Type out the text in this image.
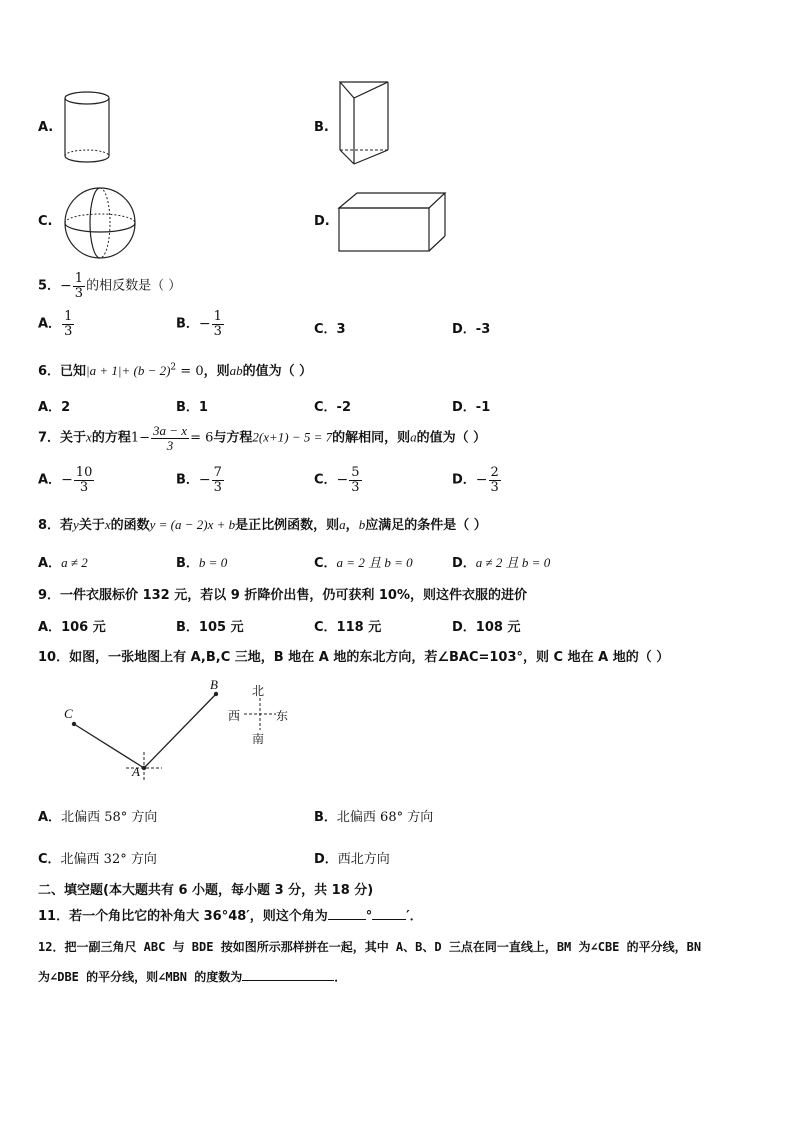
A.	B.
C.	D.
5．− $\frac{1}{3}$ 的相反数是（ ）
A． $\frac{1}{3}$	B．− $\frac{1}{3}$	C．3	D．-3
6．已知$|a + 1|+ (b - 2)^2 = 0$，则ab的值为（ ）
A．2	B．1	C．-2	D．-1
7．关于x的方程$1- \frac{3a - x}{3} = 6$与方程2(x+1) − 5 = 7的解相同，则a的值为（ ）
A．− $\frac{10}{3}$	B．− $\frac{7}{3}$	C．− $\frac{5}{3}$	D．− $\frac{2}{3}$
8．若y关于x的函数y = (a − 2)x + b是正比例函数，则a，b应满足的条件是（ ）
A．a ≠ 2	B．b = 0	C．a = 2 且 b = 0	D．a ≠ 2 且 b = 0
9．一件衣服标价 132 元，若以 9 折降价出售，仍可获利 10%，则这件衣服的进价
A．106 元	B．105 元	C．118 元	D．108 元
10．如图，一张地图上有 A,B,C 三地，B 地在 A 地的东北方向，若∠BAC=103°，则 C 地在 A 地的（ ）
B
C
A
北
南
西	东
A．北偏西 58° 方向	B．北偏西 68° 方向
C．北偏西 32° 方向	D．西北方向
二、填空题(本大题共有 6 小题，每小题 3 分，共 18 分)
11．若一个角比它的补角大 36°48′，则这个角为	°	′．
12．把一副三角尺 ABC 与 BDE 按如图所示那样拼在一起，其中 A、B、D 三点在同一直线上，BM 为∠CBE 的平分线，BN
为∠DBE 的平分线，则∠MBN 的度数为	．
